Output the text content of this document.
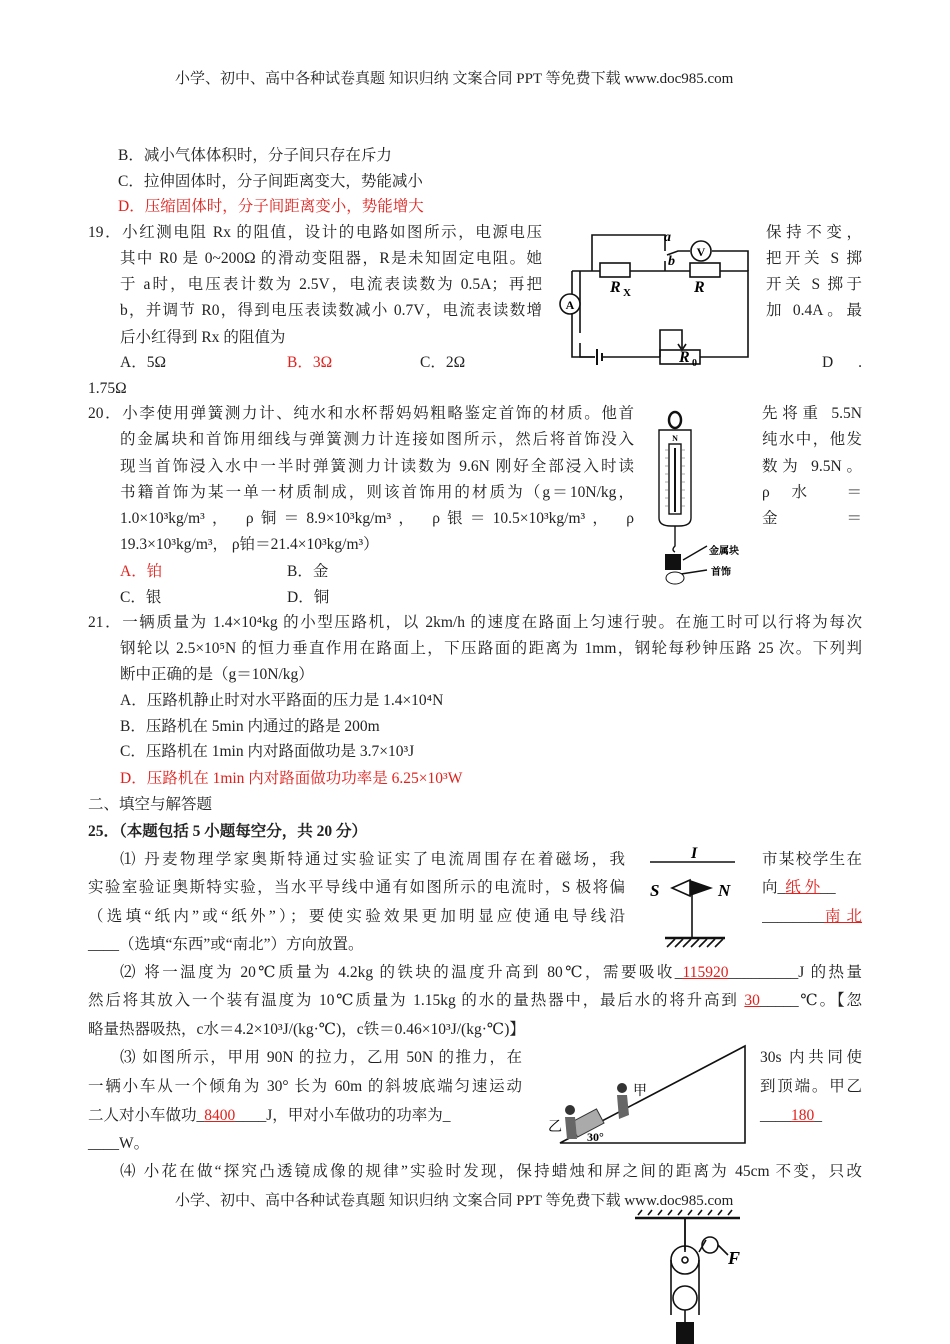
小学、初中、高中各种试卷真题 知识归纳 文案合同 PPT 等免费下载 www.doc985.com
B．减小气体体积时，分子间只存在斥力
C．拉伸固体时，分子间距离变大，势能减小
D．压缩固体时，分子间距离变小，势能增大
19．小红测电阻 Rx 的阻值，设计的电路如图所示，电源电压
其中 R0 是 0~200Ω 的滑动变阻器，R是未知固定电阻。她
于 a时，电压表计数为 2.5V，电流表读数为 0.5A；再把
b，并调节 R0，得到电压表读数减小 0.7V，电流表读数增
后小红得到 Rx 的阻值为
A．5Ω	B．3Ω	C．2Ω	D .
1.75Ω
保持不变，
把开关 S 掷
开关 S 掷于
加 0.4A。最
20．小李使用弹簧测力计、纯水和水杯帮妈妈粗略鉴定首饰的材质。他首
的金属块和首饰用细线与弹簧测力计连接如图所示，然后将首饰没入
现当首饰浸入水中一半时弹簧测力计读数为 9.6N 刚好全部浸入时读
书籍首饰为某一单一材质制成，则该首饰用的材质为（g＝10N/kg，
1.0×10³kg/m³， ρ铜＝8.9×10³kg/m³， ρ银＝10.5×10³kg/m³， ρ
19.3×10³kg/m³， ρ铂＝21.4×10³kg/m³）
A．铂	B．金
C．银	D．铜
先将重 5.5N
纯水中，他发
数为 9.5N。
ρ 水 ＝
金 ＝
21．一辆质量为 1.4×10⁴kg 的小型压路机，以 2km/h 的速度在路面上匀速行驶。在施工时可以行将为每次
钢轮以 2.5×10⁵N 的恒力垂直作用在路面上，下压路面的距离为 1mm，钢轮每秒钟压路 25 次。下列判
断中正确的是（g＝10N/kg）
A．压路机静止时对水平路面的压力是 1.4×10⁴N
B．压路机在 5min 内通过的路是 200m
C．压路机在 1min 内对路面做功是 3.7×10³J
D．压路机在 1min 内对路面做功功率是 6.25×10³W
二、填空与解答题
25．（本题包括 5 小题每空分，共 20 分）
⑴ 丹麦物理学家奥斯特通过实验证实了电流周围存在着磁场，我
实验室验证奥斯特实验，当水平导线中通有如图所示的电流时，S 极将偏
（选填“纸内”或“纸外”）；要使实验效果更加明显应使通电导线沿
____（选填“东西”或“南北”）方向放置。
市某校学生在
向_纸 外__
________南 北
⑵ 将一温度为 20℃质量为 4.2kg 的铁块的温度升高到 80℃，需要吸收_115920_________J 的热量
然后将其放入一个装有温度为 10℃质量为 1.15kg 的水的量热器中，最后水的将升高到 30_____℃。【忽
略量热器吸热，c水＝4.2×10³J/(kg·℃)，c铁＝0.46×10³J/(kg·℃)】
⑶ 如图所示，甲用 90N 的拉力，乙用 50N 的推力，在
一辆小车从一个倾角为 30° 长为 60m 的斜坡底端匀速运动
二人对小车做功_8400____J，甲对小车做功的功率为_
____W。
30s 内共同使
到顶端。甲乙
____180_
⑷ 小花在做“探究凸透镜成像的规律”实验时发现，保持蜡烛和屏之间的距离为 45cm 不变，只改
小学、初中、高中各种试卷真题 知识归纳 文案合同 PPT 等免费下载 www.doc985.com
V
A
a
b
R X	R
R 0
N
金属块
首饰
I
S	N
甲
乙
30°
F
